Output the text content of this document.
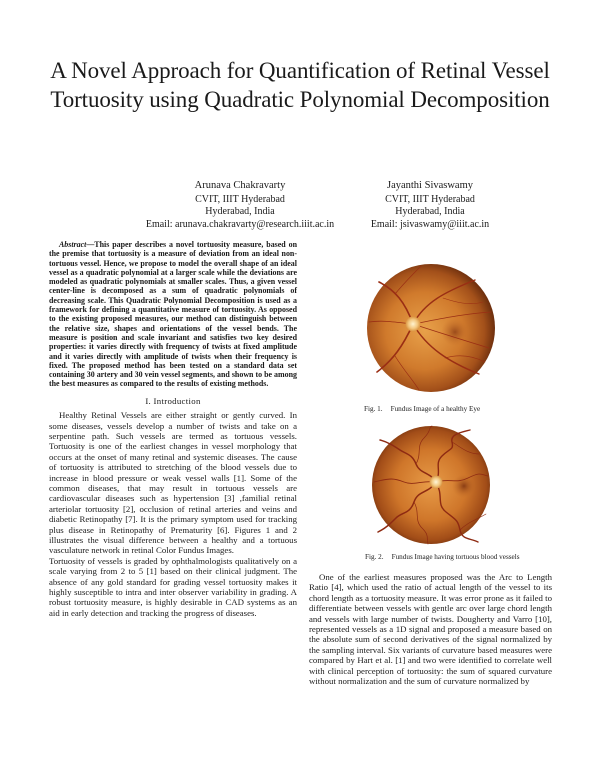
A Novel Approach for Quantification of Retinal Vessel Tortuosity using Quadratic Polynomial Decomposition
Arunava Chakravarty
CVIT, IIIT Hyderabad
Hyderabad, India
Email: arunava.chakravarty@research.iiit.ac.in
Jayanthi Sivaswamy
CVIT, IIIT Hyderabad
Hyderabad, India
Email: jsivaswamy@iiit.ac.in

Abstract—This paper describes a novel tortuosity measure, based on the premise that tortuosity is a measure of deviation from an ideal non-tortuous vessel. Hence, we propose to model the overall shape of an ideal vessel as a quadratic polynomial at a larger scale while the deviations are modeled as quadratic polynomials at smaller scales. Thus, a given vessel center-line is decomposed as a sum of quadratic polynomials of decreasing scale. This Quadratic Polynomial Decomposition is used as a framework for defining a quantitative measure of tortuosity. As opposed to the existing proposed measures, our method can distinguish between the relative size, shapes and orientations of the vessel bends. The measure is position and scale invariant and satisfies two key desired properties: it varies directly with frequency of twists at fixed amplitude and it varies directly with amplitude of twists when their frequency is fixed. The proposed method has been tested on a standard data set containing 30 artery and 30 vein vessel segments, and shown to be among the best measures as compared to the results of existing methods.

I. Introduction

Healthy Retinal Vessels are either straight or gently curved. In some diseases, vessels develop a number of twists and take on a serpentine path. Such vessels are termed as tortuous vessels. Tortuosity is one of the earliest changes in vessel morphology that occurs at the onset of many retinal and systemic diseases. The cause of tortuosity is attributed to stretching of the blood vessels due to increase in blood pressure or weak vessel walls [1]. Some of the common diseases, that may result in tortuous vessels are cardiovascular diseases such as hypertension [3] ,familial retinal arteriolar tortuosity [2], occlusion of retinal arteries and veins and diabetic Retinopathy [7]. It is the primary symptom used for tracking plus disease in Retinopathy of Prematurity [6]. Figures 1 and 2 illustrates the visual difference between a healthy and a tortuous vasculature network in retinal Color Fundus Images.

Tortuosity of vessels is graded by ophthalmologists qualitatively on a scale varying from 2 to 5 [1] based on their clinical judgment. The absence of any gold standard for grading vessel tortuosity makes it highly susceptible to intra and inter observer variability in grading. A robust tortuosity measure, is highly desirable in CAD systems as an aid in early detection and tracking the progress of diseases.

Fig. 1. Fundus Image of a healthy Eye
Fig. 2. Fundus Image having tortuous blood vessels

One of the earliest measures proposed was the Arc to Length Ratio [4], which used the ratio of actual length of the vessel to its chord length as a tortuosity measure. It was error prone as it failed to differentiate between vessels with gentle arc over large chord length and vessels with large number of twists. Dougherty and Varro [10], represented vessels as a 1D signal and proposed a measure based on the absolute sum of second derivatives of the signal normalized by the sampling interval. Six variants of curvature based measures were compared by Hart et al. [1] and two were identified to correlate well with clinical perception of tortuosity: the sum of squared curvature without normalization and the sum of curvature normalized by
